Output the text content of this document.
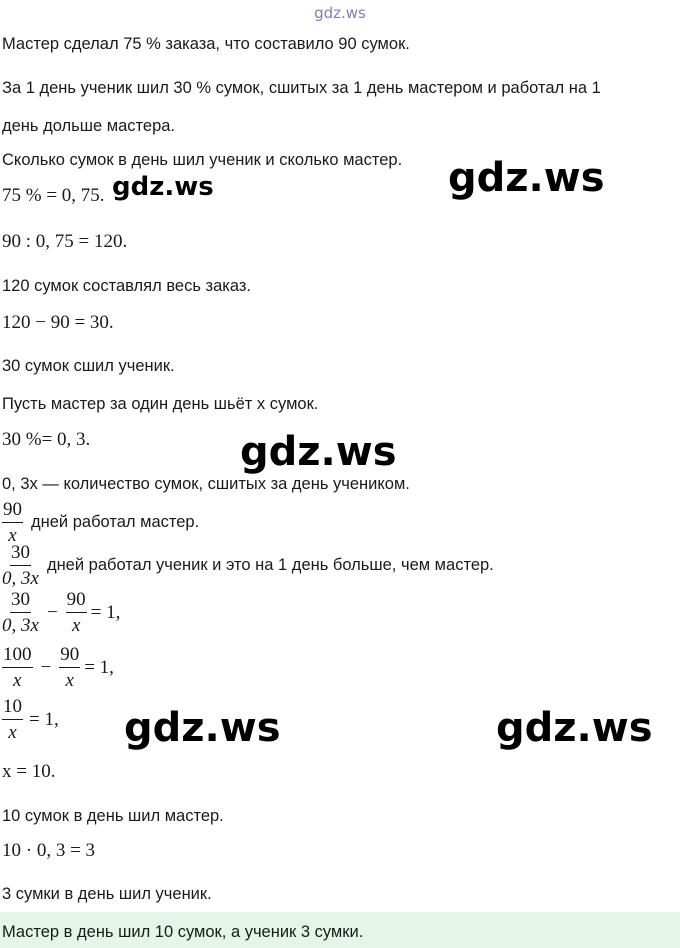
gdz.ws
Мастер сделал 75 % заказа, что составило 90 сумок.
За 1 день ученик шил 30 % сумок, сшитых за 1 день мастером и работал на 1
день дольше мастера.
Сколько сумок в день шил ученик и сколько мастер.
75 % = 0, 75.
90 : 0, 75 = 120.
120 сумок составлял весь заказ.
120 − 90 = 30.
30 сумок сшил ученик.
Пусть мастер за один день шьёт x сумок.
30 %= 0, 3.
0, 3x — количество сумок, сшитых за день учеником.
90
x
дней работал мастер.
30
0, 3x
дней работал ученик и это на 1 день больше, чем мастер.
30
0, 3x
− $\frac{90}{x} = 1$,
100
x
− $\frac{90}{x} = 1$,
$\frac{10}{x} = 1$,
x = 10.
10 сумок в день шил мастер.
10 · 0, 3 = 3
3 сумки в день шил ученик.
Мастер в день шил 10 сумок, а ученик 3 сумки.
gdz.ws	gdz.ws
gdz.ws
gdz.ws	gdz.ws
